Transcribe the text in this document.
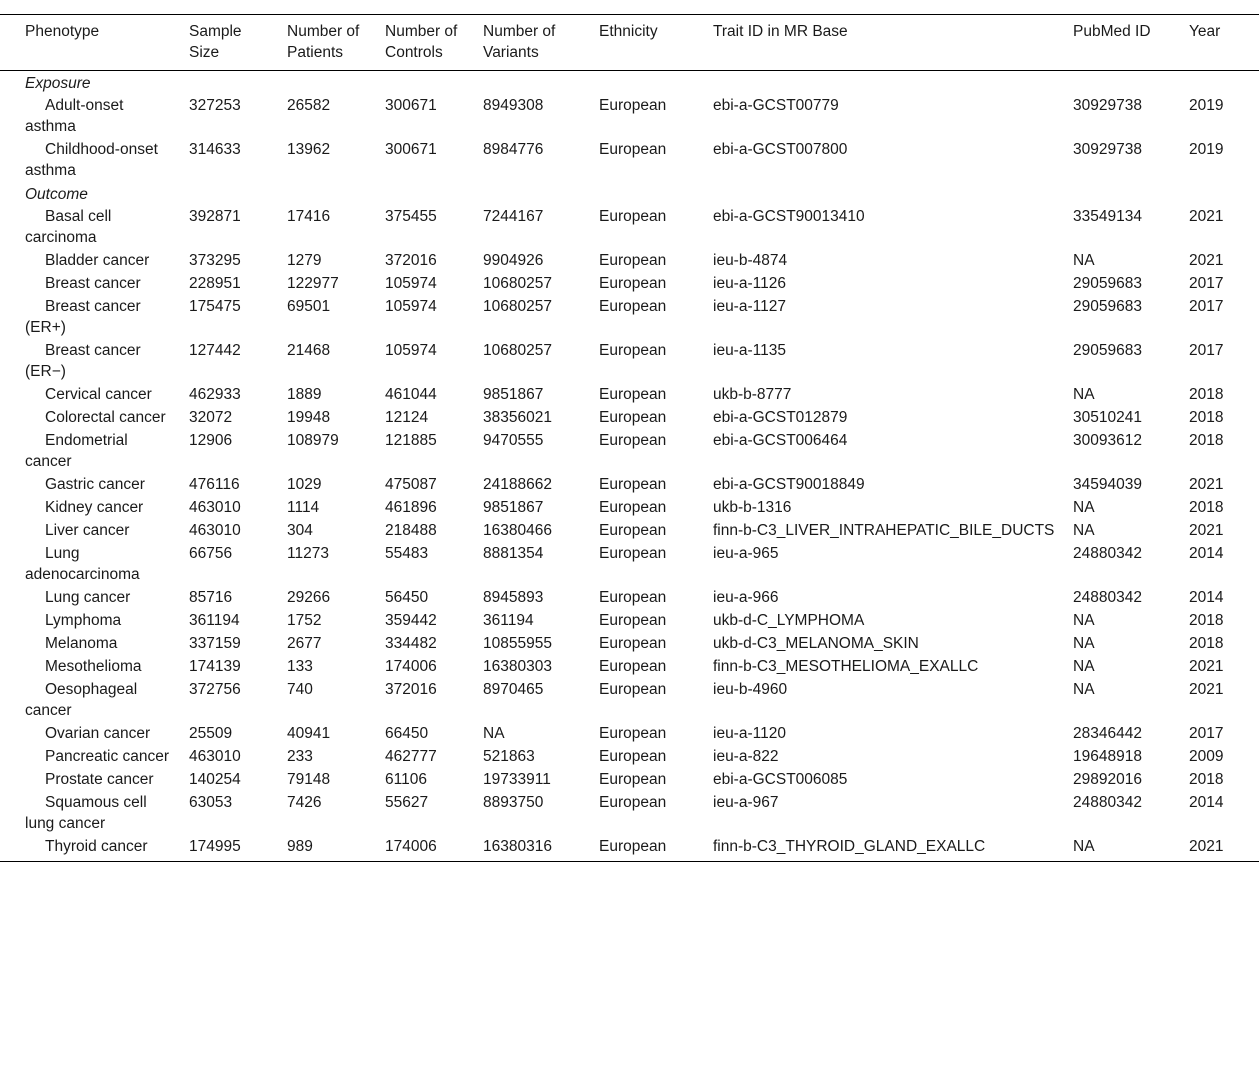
Phenotype	Sample Size	Number of Patients	Number of Controls	Number of Variants	Ethnicity	Trait ID in MR Base	PubMed ID	Year
Exposure								
Adult-onset asthma	327253	26582	300671	8949308	European	ebi-a-GCST00779	30929738	2019
Childhood-onset asthma	314633	13962	300671	8984776	European	ebi-a-GCST007800	30929738	2019
Outcome								
Basal cell carcinoma	392871	17416	375455	7244167	European	ebi-a-GCST90013410	33549134	2021
Bladder cancer	373295	1279	372016	9904926	European	ieu-b-4874	NA	2021
Breast cancer	228951	122977	105974	10680257	European	ieu-a-1126	29059683	2017
Breast cancer (ER+)	175475	69501	105974	10680257	European	ieu-a-1127	29059683	2017
Breast cancer (ER−)	127442	21468	105974	10680257	European	ieu-a-1135	29059683	2017
Cervical cancer	462933	1889	461044	9851867	European	ukb-b-8777	NA	2018
Colorectal cancer	32072	19948	12124	38356021	European	ebi-a-GCST012879	30510241	2018
Endometrial cancer	12906	108979	121885	9470555	European	ebi-a-GCST006464	30093612	2018
Gastric cancer	476116	1029	475087	24188662	European	ebi-a-GCST90018849	34594039	2021
Kidney cancer	463010	1114	461896	9851867	European	ukb-b-1316	NA	2018
Liver cancer	463010	304	218488	16380466	European	finn-b-C3_LIVER_INTRAHEPATIC_BILE_DUCTS	NA	2021
Lung adenocarcinoma	66756	11273	55483	8881354	European	ieu-a-965	24880342	2014
Lung cancer	85716	29266	56450	8945893	European	ieu-a-966	24880342	2014
Lymphoma	361194	1752	359442	361194	European	ukb-d-C_LYMPHOMA	NA	2018
Melanoma	337159	2677	334482	10855955	European	ukb-d-C3_MELANOMA_SKIN	NA	2018
Mesothelioma	174139	133	174006	16380303	European	finn-b-C3_MESOTHELIOMA_EXALLC	NA	2021
Oesophageal cancer	372756	740	372016	8970465	European	ieu-b-4960	NA	2021
Ovarian cancer	25509	40941	66450	NA	European	ieu-a-1120	28346442	2017
Pancreatic cancer	463010	233	462777	521863	European	ieu-a-822	19648918	2009
Prostate cancer	140254	79148	61106	19733911	European	ebi-a-GCST006085	29892016	2018
Squamous cell lung cancer	63053	7426	55627	8893750	European	ieu-a-967	24880342	2014
Thyroid cancer	174995	989	174006	16380316	European	finn-b-C3_THYROID_GLAND_EXALLC	NA	2021
